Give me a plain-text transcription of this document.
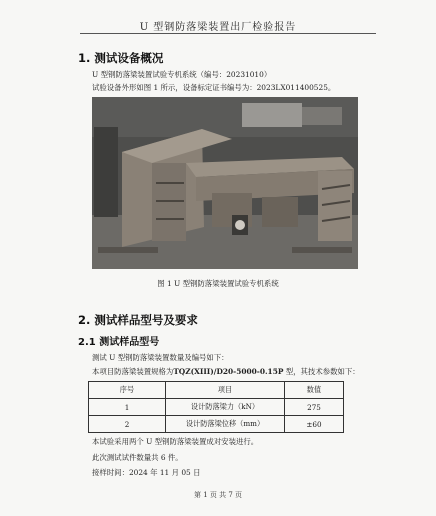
U 型钢防落梁装置出厂检验报告
1. 测试设备概况
U 型钢防落梁装置试验专机系统（编号：20231010）
试验设备外形如图 1 所示，设备标定证书编号为：2023LX011400525。
图 1 U 型钢防落梁装置试验专机系统
2. 测试样品型号及要求
2.1 测试样品型号
测试 U 型钢防落梁装置数量及编号如下：
本项目防落梁装置规格为TQZ(XIII)/D20-5000-0.15P 型，其技术参数如下：
序号	项目	数值
1	设计防落梁力（kN）	275
2	设计防落梁位移（mm）	±60
本试验采用两个 U 型钢防落梁装置成对安装进行。
此次测试试件数量共 6 件。
接样时间：2024 年 11 月 05 日
第 1 页 共 7 页
